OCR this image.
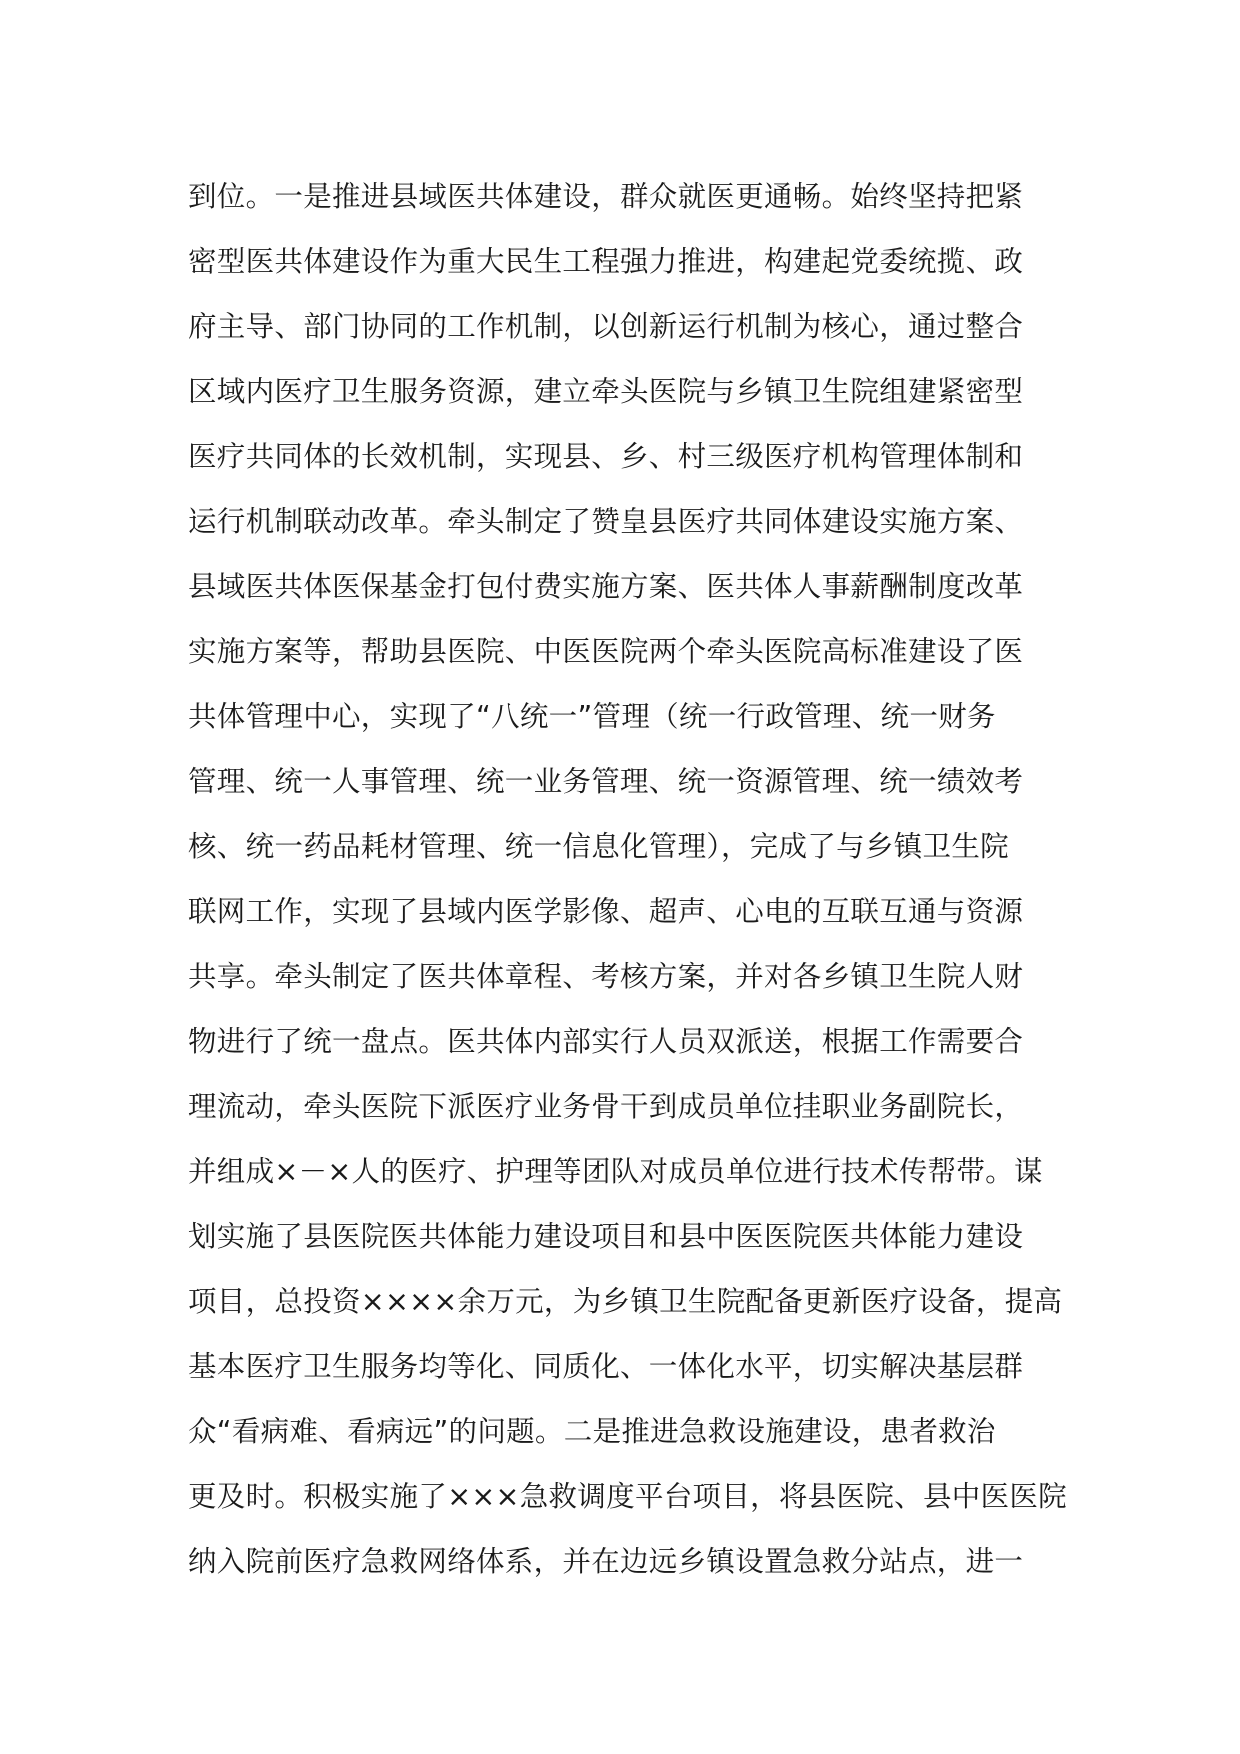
到位。一是推进县域医共体建设，群众就医更通畅。始终坚持把紧
密型医共体建设作为重大民生工程强力推进，构建起党委统揽、政
府主导、部门协同的工作机制，以创新运行机制为核心，通过整合
区域内医疗卫生服务资源，建立牵头医院与乡镇卫生院组建紧密型
医疗共同体的长效机制，实现县、乡、村三级医疗机构管理体制和
运行机制联动改革。牵头制定了赞皇县医疗共同体建设实施方案、
县域医共体医保基金打包付费实施方案、医共体人事薪酬制度改革
实施方案等，帮助县医院、中医医院两个牵头医院高标准建设了医
共体管理中心，实现了“八统一”管理（统一行政管理、统一财务
管理、统一人事管理、统一业务管理、统一资源管理、统一绩效考
核、统一药品耗材管理、统一信息化管理），完成了与乡镇卫生院
联网工作，实现了县域内医学影像、超声、心电的互联互通与资源
共享。牵头制定了医共体章程、考核方案，并对各乡镇卫生院人财
物进行了统一盘点。医共体内部实行人员双派送，根据工作需要合
理流动，牵头医院下派医疗业务骨干到成员单位挂职业务副院长，
并组成×－×人的医疗、护理等团队对成员单位进行技术传帮带。谋
划实施了县医院医共体能力建设项目和县中医医院医共体能力建设
项目，总投资××××余万元，为乡镇卫生院配备更新医疗设备，提高
基本医疗卫生服务均等化、同质化、一体化水平，切实解决基层群
众“看病难、看病远”的问题。二是推进急救设施建设，患者救治
更及时。积极实施了×××急救调度平台项目，将县医院、县中医医院
纳入院前医疗急救网络体系，并在边远乡镇设置急救分站点，进一
